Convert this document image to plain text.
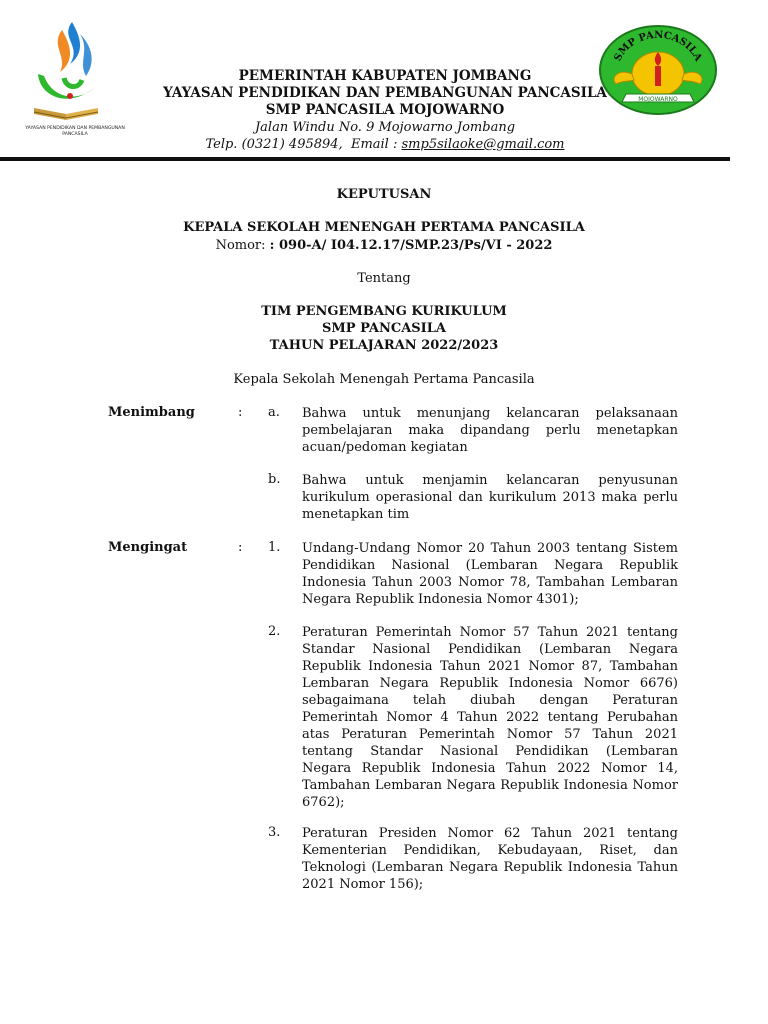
YAYASAN PENDIDIKAN DAN PEMBANGUNAN
PANCASILA
PEMERINTAH KABUPATEN JOMBANG
YAYASAN PENDIDIKAN DAN PEMBANGUNAN PANCASILA
SMP PANCASILA MOJOWARNO
Jalan Windu No. 9 Mojowarno Jombang
Telp. (0321) 495894, Email : smp5silaoke@gmail.com
SMP PANCASILA
MOJOWARNO
KEPUTUSAN
KEPALA SEKOLAH MENENGAH PERTAMA PANCASILA
Nomor: : 090-A/ I04.12.17/SMP.23/Ps/VI - 2022
Tentang
TIM PENGEMBANG KURIKULUM
SMP PANCASILA
TAHUN PELAJARAN 2022/2023
Kepala Sekolah Menengah Pertama Pancasila
Menimbang	: a. Bahwa untuk menunjang kelancaran pelaksanaan pembelajaran maka dipandang perlu menetapkan acuan/pedoman kegiatan
b. Bahwa untuk menjamin kelancaran penyusunan kurikulum operasional dan kurikulum 2013 maka perlu menetapkan tim
Mengingat	: 1. Undang-Undang Nomor 20 Tahun 2003 tentang Sistem Pendidikan Nasional (Lembaran Negara Republik Indonesia Tahun 2003 Nomor 78, Tambahan Lembaran Negara Republik Indonesia Nomor 4301);
2. Peraturan Pemerintah Nomor 57 Tahun 2021 tentang Standar Nasional Pendidikan (Lembaran Negara Republik Indonesia Tahun 2021 Nomor 87, Tambahan Lembaran Negara Republik Indonesia Nomor 6676) sebagaimana telah diubah dengan Peraturan Pemerintah Nomor 4 Tahun 2022 tentang Perubahan atas Peraturan Pemerintah Nomor 57 Tahun 2021 tentang Standar Nasional Pendidikan (Lembaran Negara Republik Indonesia Tahun 2022 Nomor 14, Tambahan Lembaran Negara Republik Indonesia Nomor 6762);
3. Peraturan Presiden Nomor 62 Tahun 2021 tentang Kementerian Pendidikan, Kebudayaan, Riset, dan Teknologi (Lembaran Negara Republik Indonesia Tahun 2021 Nomor 156);
